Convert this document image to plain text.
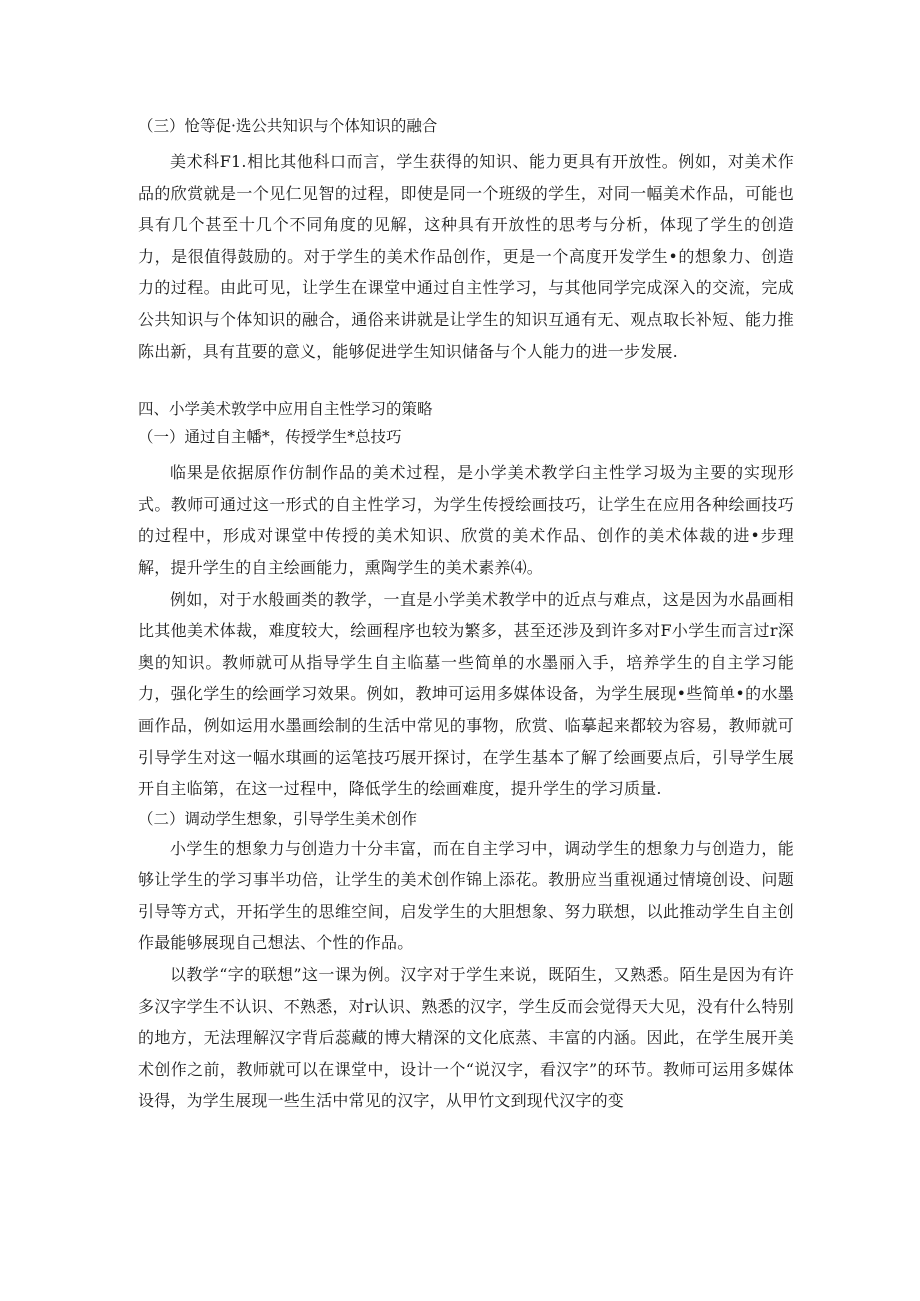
（三）怆等促·选公共知识与个体知识的融合

美术科F1.相比其他科口而言，学生获得的知识、能力更具有开放性。例如，对美术作品的欣赏就是一个见仁见智的过程，即使是同一个班级的学生，对同一幅美术作品，可能也具有几个甚至十几个不同角度的见解，这种具有开放性的思考与分析，体现了学生的创造力，是很值得鼓励的。对于学生的美术作品创作，更是一个高度开发学生•的想象力、创造力的过程。由此可见，让学生在课堂中通过自主性学习，与其他同学完成深入的交流，完成公共知识与个体知识的融合，通俗来讲就是让学生的知识互通有无、观点取长补短、能力推陈出新，具有苴要的意义，能够促进学生知识储备与个人能力的进一步发展.

四、小学美术敦学中应用自主性学习的策略

（一）通过自主幡*，传授学生*总技巧

临果是依据原作仿制作品的美术过程，是小学美术教学臼主性学习圾为主要的实现形式。教师可通过这一形式的自主性学习，为学生传授绘画技巧，让学生在应用各种绘画技巧的过程中，形成对课堂中传授的美术知识、欣赏的美术作品、创作的美术体裁的进•步理解，提升学生的自主绘画能力，熏陶学生的美术素养⑷。

例如，对于水般画类的教学，一直是小学美术教学中的近点与难点，这是因为水晶画相比其他美术体裁，难度较大，绘画程序也较为繁多，甚至还涉及到许多对F小学生而言过r深奥的知识。教师就可从指导学生自主临墓一些简单的水墨丽入手，培养学生的自主学习能力，强化学生的绘画学习效果。例如，教坤可运用多媒体设备，为学生展现•些简单•的水墨画作品，例如运用水墨画绘制的生活中常见的事物，欣赏、临摹起来都较为容易，教师就可引导学生对这一幅水琪画的运笔技巧展开探讨，在学生基本了解了绘画要点后，引导学生展开自主临第，在这一过程中，降低学生的绘画难度，提升学生的学习质量.

（二）调动学生想象，引导学生美术创作

小学生的想象力与创造力十分丰富，而在自主学习中，调动学生的想象力与创造力，能够让学生的学习事半功倍，让学生的美术创作锦上添花。教册应当重视通过情境创设、问题引导等方式，开拓学生的思维空间，启发学生的大胆想象、努力联想，以此推动学生自主创作最能够展现自己想法、个性的作品。

以教学“字的联想”这一课为例。汉字对于学生来说，既陌生，又熟悉。陌生是因为有许多汉字学生不认识、不熟悉，对r认识、熟悉的汉字，学生反而会觉得天大见，没有什么特别的地方，无法理解汉字背后蕊藏的博大精深的文化底蒸、丰富的内涵。因此，在学生展开美术创作之前，教师就可以在课堂中，设计一个“说汉字，看汉字”的环节。教师可运用多媒体设得，为学生展现一些生活中常见的汉字，从甲竹文到现代汉字的变
